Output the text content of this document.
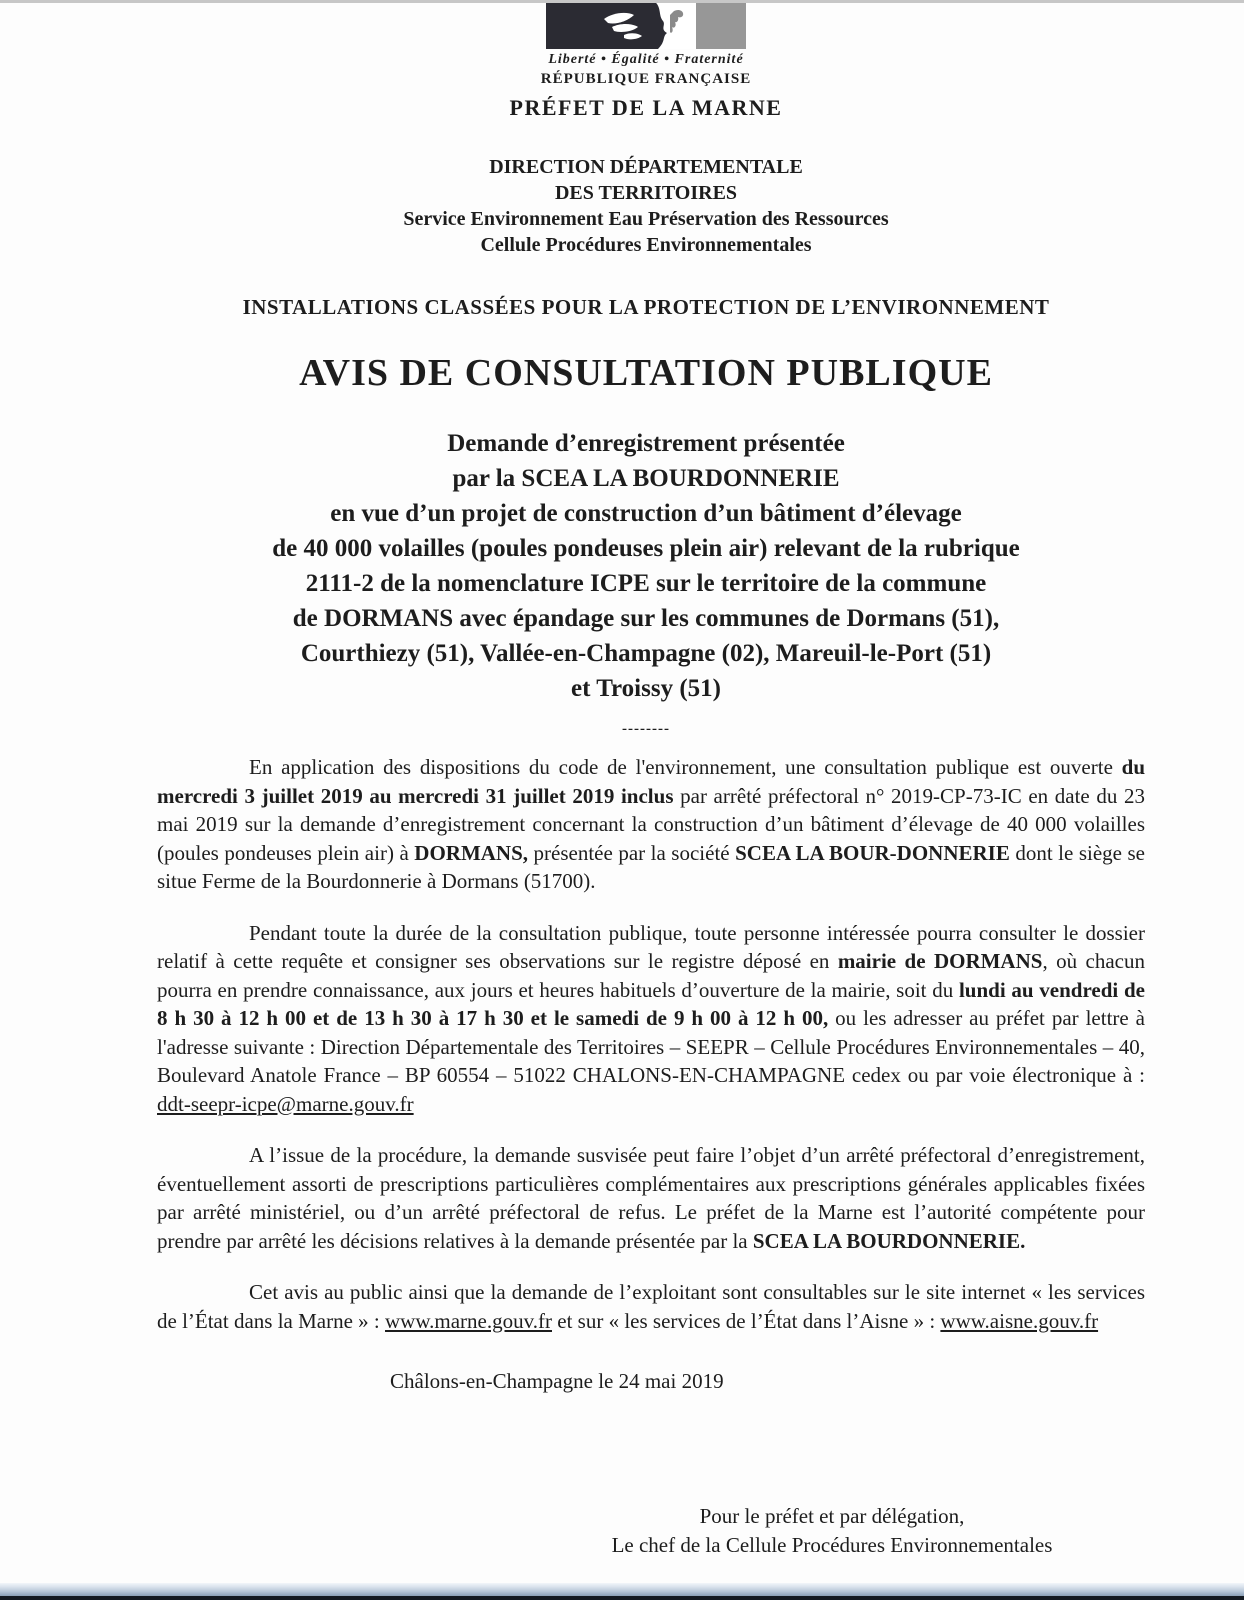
Liberté • Égalité • Fraternité
RÉPUBLIQUE FRANÇAISE
PRÉFET DE LA MARNE
DIRECTION DÉPARTEMENTALE
DES TERRITOIRES
Service Environnement Eau Préservation des Ressources
Cellule Procédures Environnementales
INSTALLATIONS CLASSÉES POUR LA PROTECTION DE L’ENVIRONNEMENT
AVIS DE CONSULTATION PUBLIQUE
Demande d’enregistrement présentée
par la SCEA LA BOURDONNERIE
en vue d’un projet de construction d’un bâtiment d’élevage
de 40 000 volailles (poules pondeuses plein air) relevant de la rubrique
2111-2 de la nomenclature ICPE sur le territoire de la commune
de DORMANS avec épandage sur les communes de Dormans (51),
Courthiezy (51), Vallée-en-Champagne (02), Mareuil-le-Port (51)
et Troissy (51)
--------

En application des dispositions du code de l'environnement, une consultation publique est ouverte du mercredi 3 juillet 2019 au mercredi 31 juillet 2019 inclus par arrêté préfectoral n° 2019-CP-73-IC en date du 23 mai 2019 sur la demande d’enregistrement concernant la construction d’un bâtiment d’élevage de 40 000 volailles (poules pondeuses plein air) à DORMANS, présentée par la société SCEA LA BOUR-DONNERIE dont le siège se situe Ferme de la Bourdonnerie à Dormans (51700).

Pendant toute la durée de la consultation publique, toute personne intéressée pourra consulter le dossier relatif à cette requête et consigner ses observations sur le registre déposé en mairie de DORMANS, où chacun pourra en prendre connaissance, aux jours et heures habituels d’ouverture de la mairie, soit du lundi au vendredi de 8 h 30 à 12 h 00 et de 13 h 30 à 17 h 30 et le samedi de 9 h 00 à 12 h 00, ou les adresser au préfet par lettre à l'adresse suivante : Direction Départementale des Territoires – SEEPR – Cellule Procédures Environnementales – 40, Boulevard Anatole France – BP 60554 – 51022 CHALONS-EN-CHAMPAGNE cedex ou par voie électronique à : ddt-seepr-icpe@marne.gouv.fr

A l’issue de la procédure, la demande susvisée peut faire l’objet d’un arrêté préfectoral d’enregistrement, éventuellement assorti de prescriptions particulières complémentaires aux prescriptions générales applicables fixées par arrêté ministériel, ou d’un arrêté préfectoral de refus. Le préfet de la Marne est l’autorité compétente pour prendre par arrêté les décisions relatives à la demande présentée par la SCEA LA BOURDONNERIE.

Cet avis au public ainsi que la demande de l’exploitant sont consultables sur le site internet « les services de l’État dans la Marne » : www.marne.gouv.fr et sur « les services de l’État dans l’Aisne » : www.aisne.gouv.fr

Châlons-en-Champagne le 24 mai 2019
Pour le préfet et par délégation,
Le chef de la Cellule Procédures Environnementales
